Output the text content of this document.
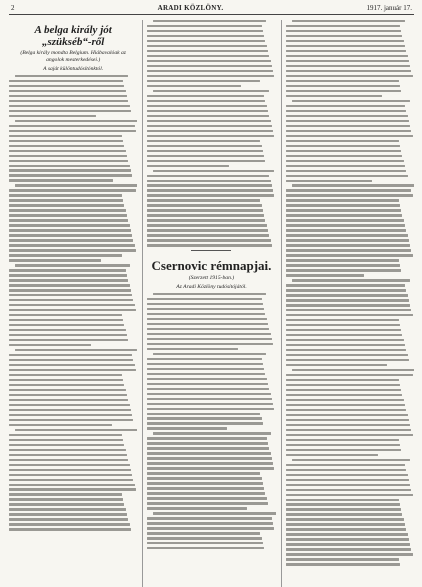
2	ARADI KÖZLÖNY.	1917. január 17.
A belga király jót „szükséb“-ről
(Belga király mondta Belgium. Hiábavalóak az angolok mesterkedései.)
A saját különtudósítónktól.
Csernovic rémnapjai.
(Szerzett 1915-ban.)
Az Aradi Közlöny tudósítójától.
